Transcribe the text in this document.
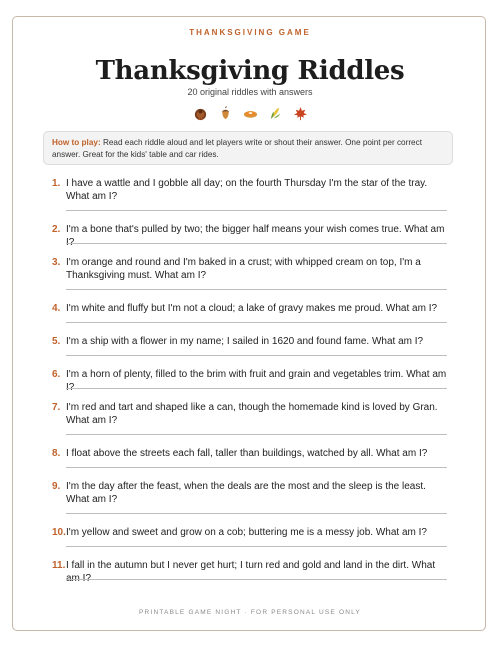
THANKSGIVING GAME
Thanksgiving Riddles
20 original riddles with answers
How to play: Read each riddle aloud and let players write or shout their answer. One point per correct answer. Great for the kids' table and car rides.
1. I have a wattle and I gobble all day; on the fourth Thursday I'm the star of the tray. What am I?
2. I'm a bone that's pulled by two; the bigger half means your wish comes true. What am I?
3. I'm orange and round and I'm baked in a crust; with whipped cream on top, I'm a Thanksgiving must. What am I?
4. I'm white and fluffy but I'm not a cloud; a lake of gravy makes me proud. What am I?
5. I'm a ship with a flower in my name; I sailed in 1620 and found fame. What am I?
6. I'm a horn of plenty, filled to the brim with fruit and grain and vegetables trim. What am I?
7. I'm red and tart and shaped like a can, though the homemade kind is loved by Gran. What am I?
8. I float above the streets each fall, taller than buildings, watched by all. What am I?
9. I'm the day after the feast, when the deals are the most and the sleep is the least. What am I?
10. I'm yellow and sweet and grow on a cob; buttering me is a messy job. What am I?
11. I fall in the autumn but I never get hurt; I turn red and gold and land in the dirt. What am I?
PRINTABLE GAME NIGHT · FOR PERSONAL USE ONLY
